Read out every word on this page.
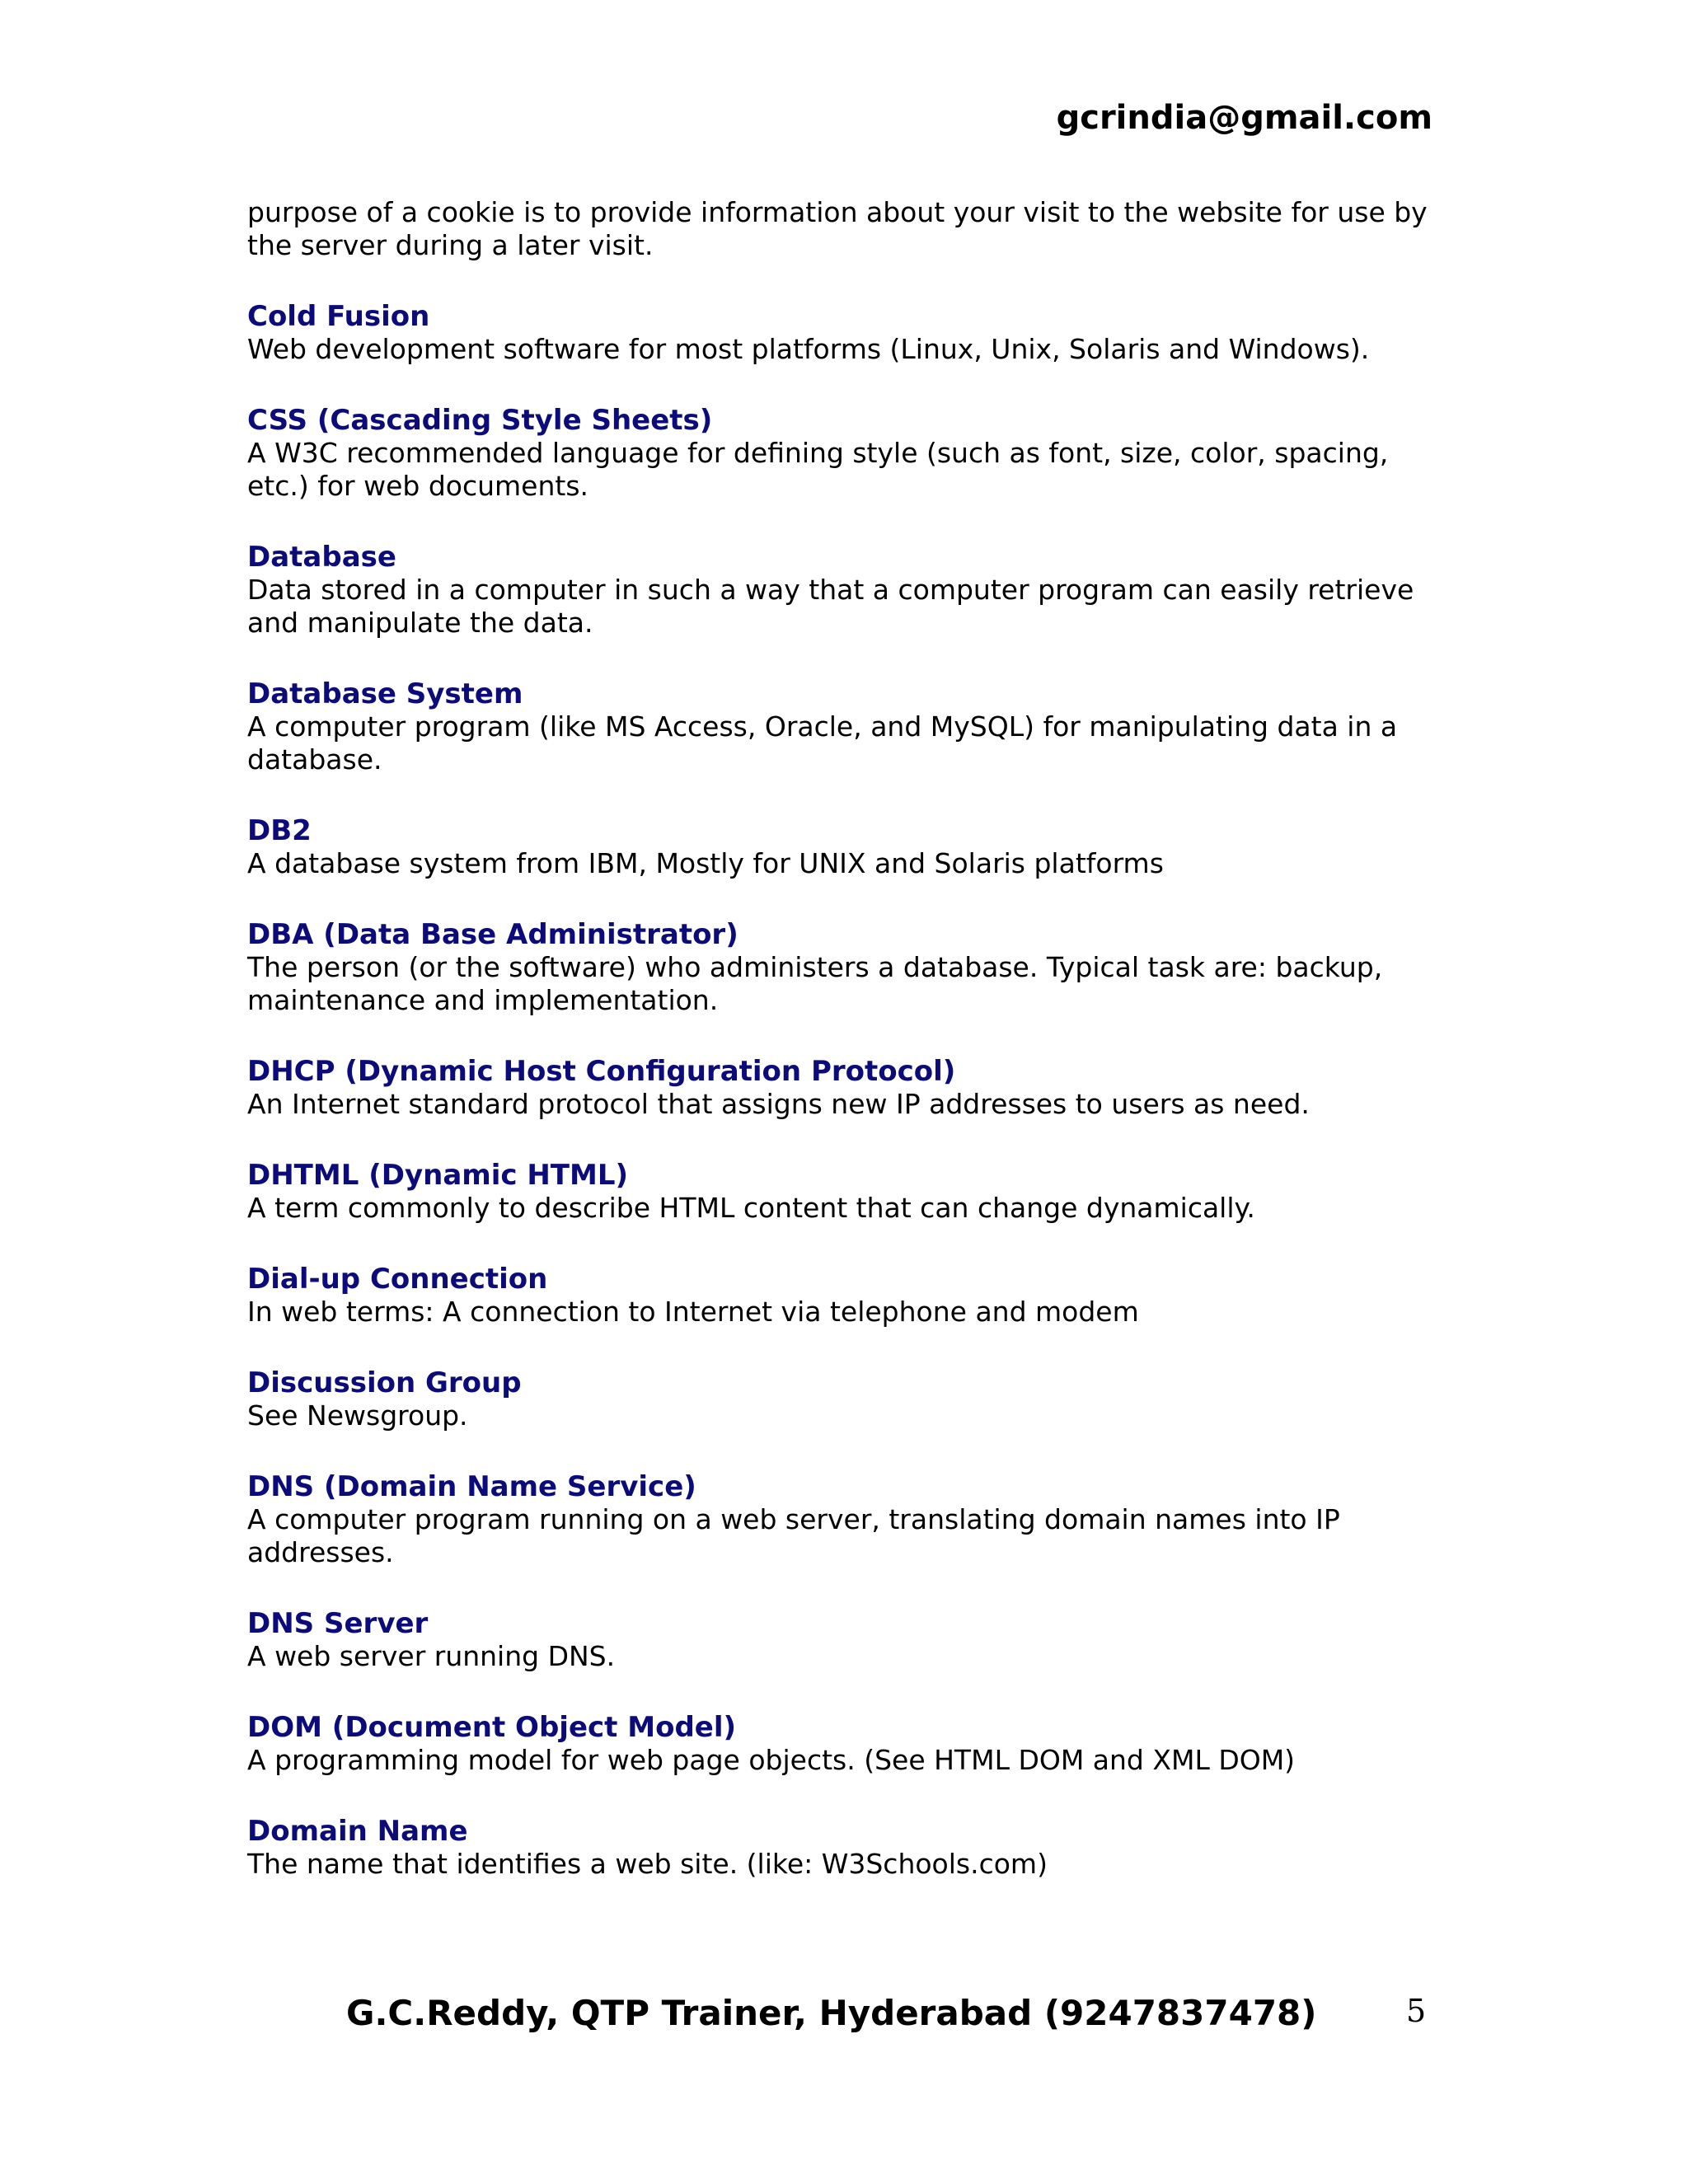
gcrindia@gmail.com

purpose of a cookie is to provide information about your visit to the website for use by the server during a later visit.

Cold Fusion
Web development software for most platforms (Linux, Unix, Solaris and Windows).
CSS (Cascading Style Sheets)
A W3C recommended language for defining style (such as font, size, color, spacing, etc.) for web documents.
Database
Data stored in a computer in such a way that a computer program can easily retrieve and manipulate the data.
Database System
A computer program (like MS Access, Oracle, and MySQL) for manipulating data in a database.
DB2
A database system from IBM, Mostly for UNIX and Solaris platforms
DBA (Data Base Administrator)
The person (or the software) who administers a database. Typical task are: backup, maintenance and implementation.
DHCP (Dynamic Host Configuration Protocol)
An Internet standard protocol that assigns new IP addresses to users as need.
DHTML (Dynamic HTML)
A term commonly to describe HTML content that can change dynamically.
Dial-up Connection
In web terms: A connection to Internet via telephone and modem
Discussion Group
See Newsgroup.
DNS (Domain Name Service)
A computer program running on a web server, translating domain names into IP addresses.
DNS Server
A web server running DNS.
DOM (Document Object Model)
A programming model for web page objects. (See HTML DOM and XML DOM)
Domain Name
The name that identifies a web site. (like: W3Schools.com)
G.C.Reddy, QTP Trainer, Hyderabad (9247837478)	5
